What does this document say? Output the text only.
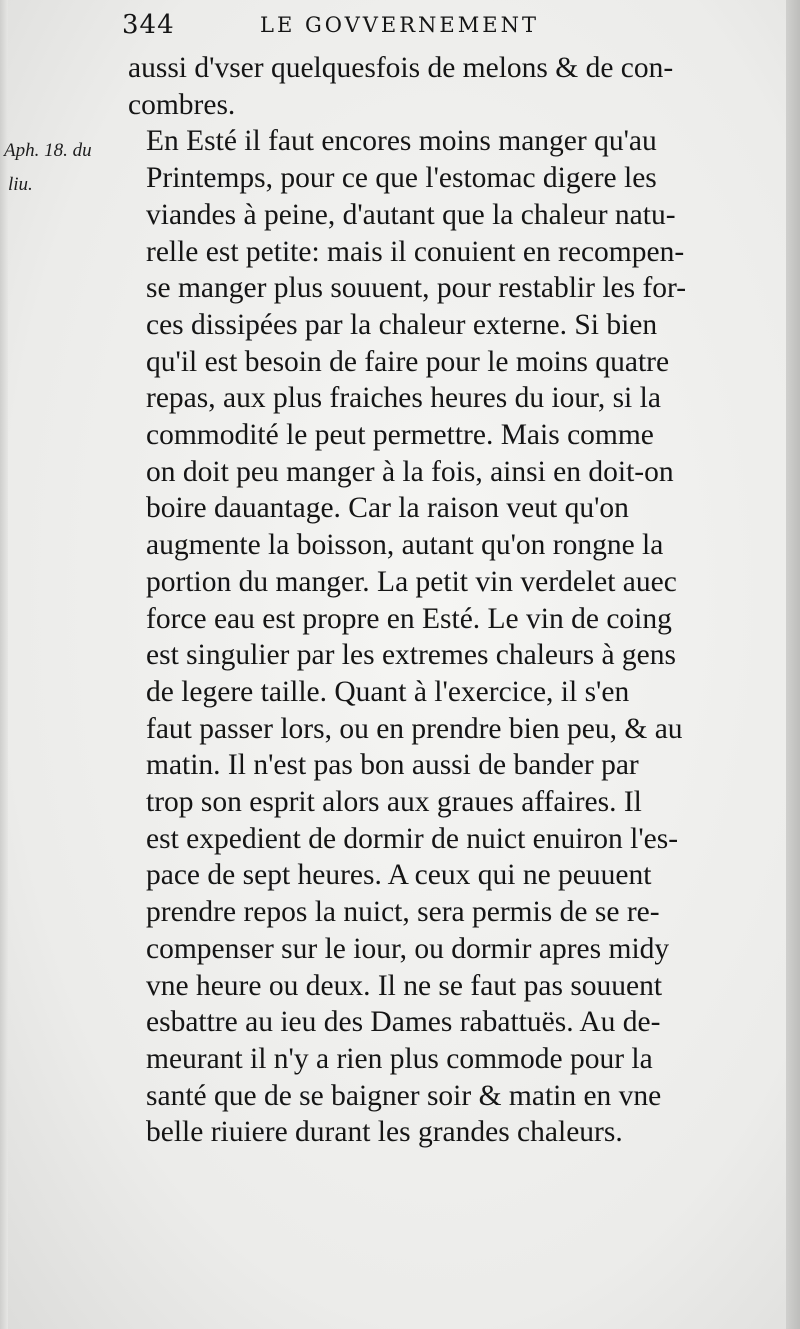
344	LE GOVVERNEMENT
Aph. 18. du
liu.
aussi d'vser quelquesfois de melons & de con-
combres.
En Esté il faut encores moins manger qu'au
Printemps, pour ce que l'estomac digere les
viandes à peine, d'autant que la chaleur natu-
relle est petite: mais il conuient en recompen-
se manger plus souuent, pour restablir les for-
ces dissipées par la chaleur externe. Si bien
qu'il est besoin de faire pour le moins quatre
repas, aux plus fraiches heures du iour, si la
commodité le peut permettre. Mais comme
on doit peu manger à la fois, ainsi en doit-on
boire dauantage. Car la raison veut qu'on
augmente la boisson, autant qu'on rongne la
portion du manger. La petit vin verdelet auec
force eau est propre en Esté. Le vin de coing
est singulier par les extremes chaleurs à gens
de legere taille. Quant à l'exercice, il s'en
faut passer lors, ou en prendre bien peu, & au
matin. Il n'est pas bon aussi de bander par
trop son esprit alors aux graues affaires. Il
est expedient de dormir de nuict enuiron l'es-
pace de sept heures. A ceux qui ne peuuent
prendre repos la nuict, sera permis de se re-
compenser sur le iour, ou dormir apres midy
vne heure ou deux. Il ne se faut pas souuent
esbattre au ieu des Dames rabattuës. Au de-
meurant il n'y a rien plus commode pour la
santé que de se baigner soir & matin en vne
belle riuiere durant les grandes chaleurs.
